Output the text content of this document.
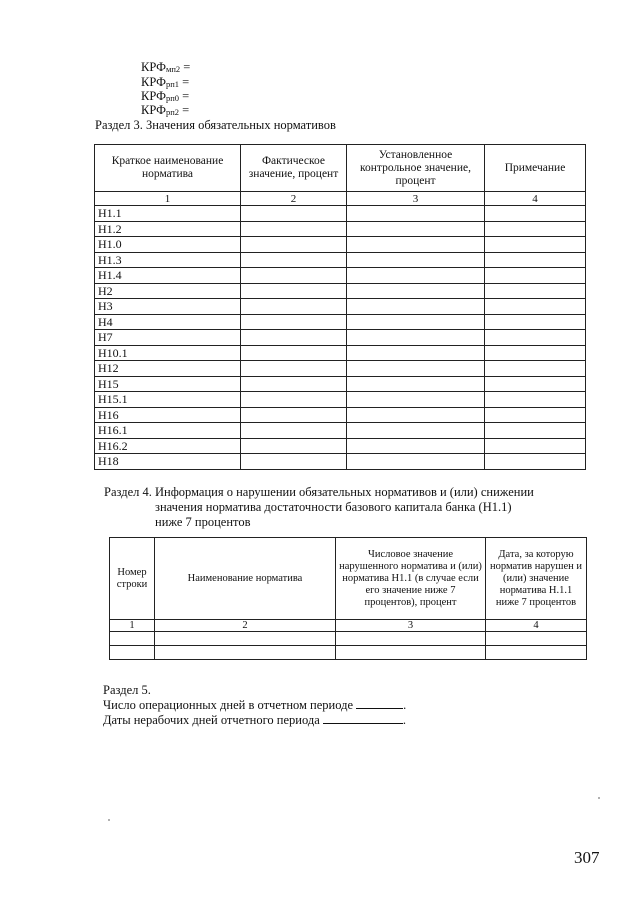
$КРФ_{мп2}$ =
$КРФ_{рп1}$ =
$КРФ_{рп0}$ =
$КРФ_{рп2}$ =
Раздел 3. Значения обязательных нормативов
Краткое наименование норматива	Фактическое значение, процент	Установленное контрольное значение, процент	Примечание
1	2	3	4
Н1.1			
Н1.2			
Н1.0			
Н1.3			
Н1.4			
Н2			
Н3			
Н4			
Н7			
Н10.1			
Н12			
Н15			
Н15.1			
Н16			
Н16.1			
Н16.2			
Н18			
Раздел 4. Информация о нарушении обязательных нормативов и (или) снижении
значения норматива достаточности базового капитала банка (Н1.1)
ниже 7 процентов
Номер строки	Наименование норматива	Числовое значение нарушенного норматива и (или) норматива Н1.1 (в случае если его значение ниже 7 процентов), процент	Дата, за которую норматив нарушен и (или) значение норматива Н.1.1 ниже 7 процентов
1	2	3	4

Раздел 5.
Число операционных дней в отчетном периоде	.
Даты нерабочих дней отчетного периода	.
307
